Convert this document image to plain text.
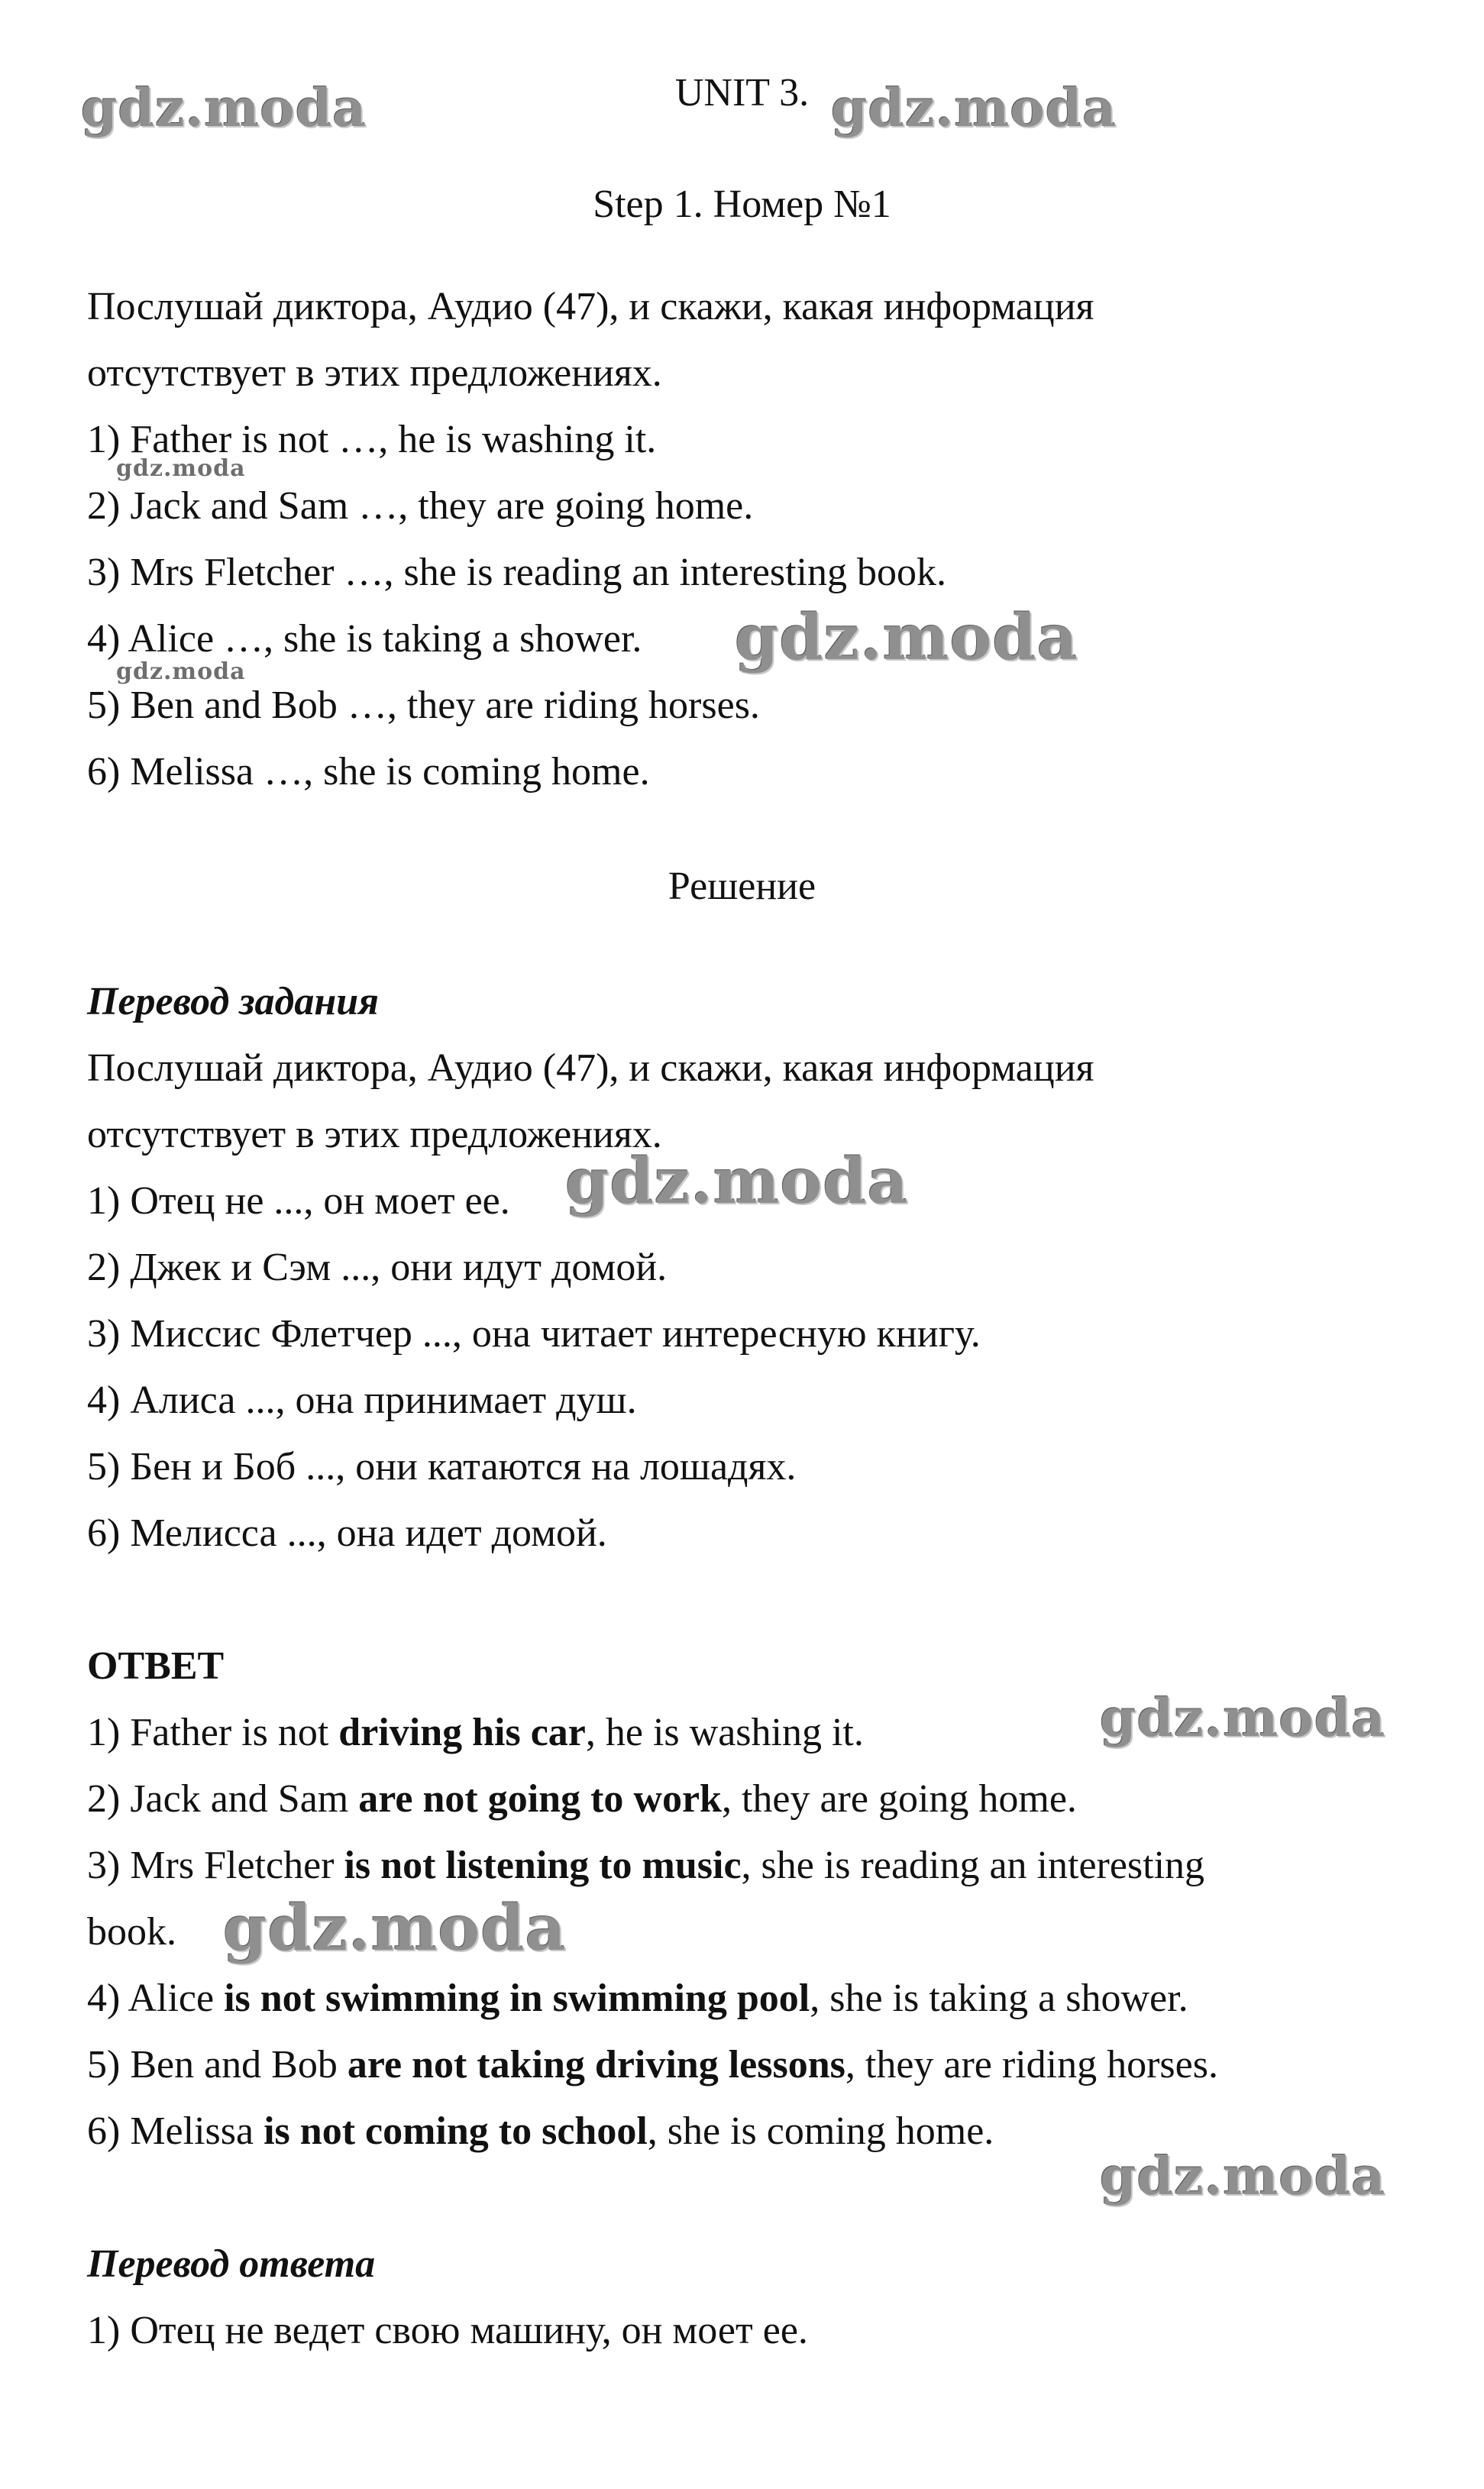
UNIT 3.
Step 1. Номер №1
Послушай диктора, Аудио (47), и скажи, какая информация
отсутствует в этих предложениях.
1) Father is not …, he is washing it.
2) Jack and Sam …, they are going home.
3) Mrs Fletcher …, she is reading an interesting book.
4) Alice …, she is taking a shower.
5) Ben and Bob …, they are riding horses.
6) Melissa …, she is coming home.
Решение
Перевод задания
Послушай диктора, Аудио (47), и скажи, какая информация
отсутствует в этих предложениях.
1) Отец не ..., он моет ее.
2) Джек и Сэм ..., они идут домой.
3) Миссис Флетчер ..., она читает интересную книгу.
4) Алиса ..., она принимает душ.
5) Бен и Боб ..., они катаются на лошадях.
6) Мелисса ..., она идет домой.
ОТВЕТ
1) Father is not driving his car, he is washing it.
2) Jack and Sam are not going to work, they are going home.
3) Mrs Fletcher is not listening to music, she is reading an interesting
book.
4) Alice is not swimming in swimming pool, she is taking a shower.
5) Ben and Bob are not taking driving lessons, they are riding horses.
6) Melissa is not coming to school, she is coming home.
Перевод ответа
1) Отец не ведет свою машину, он моет ее.
gdz.moda	gdz.moda
gdz.moda
gdz.moda
gdz.moda
gdz.moda
gdz.moda
gdz.moda
gdz.moda
